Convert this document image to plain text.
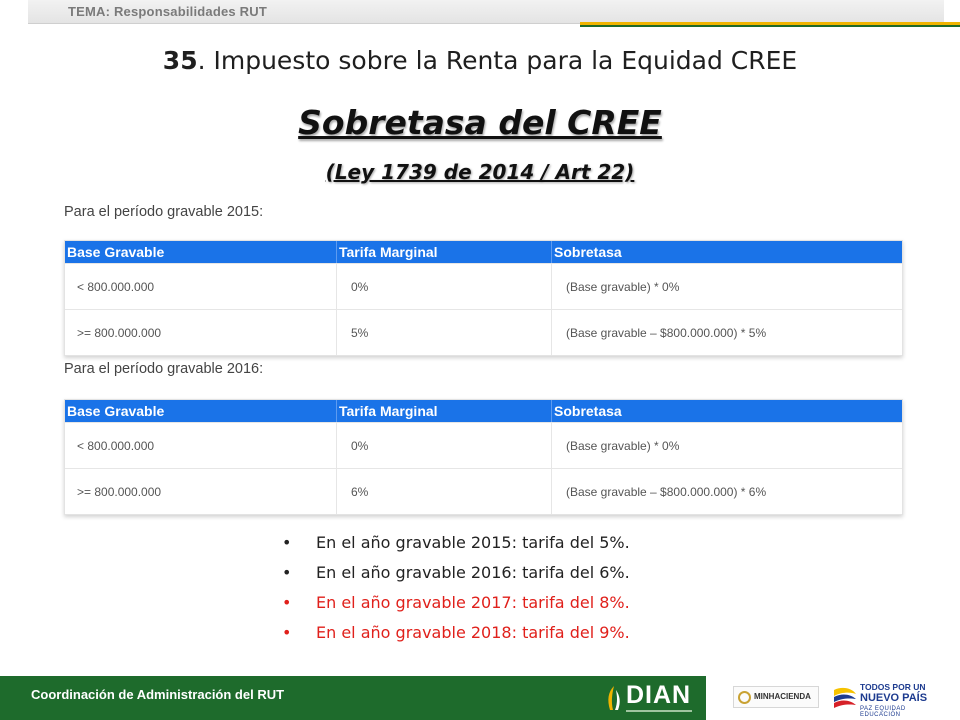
TEMA: Responsabilidades RUT
35. Impuesto sobre la Renta para la Equidad CREE
Sobretasa del CREE
(Ley 1739 de 2014 / Art 22)
Para el período gravable 2015:
Base Gravable	Tarifa Marginal	Sobretasa
< 800.000.000	0%	(Base gravable) * 0%
>= 800.000.000	5%	(Base gravable – $800.000.000) * 5%
Para el período gravable 2016:
Base Gravable	Tarifa Marginal	Sobretasa
< 800.000.000	0%	(Base gravable) * 0%
>= 800.000.000	6%	(Base gravable – $800.000.000) * 6%
• En el año gravable 2015: tarifa del 5%.
• En el año gravable 2016: tarifa del 6%.
• En el año gravable 2017: tarifa del 8%.
• En el año gravable 2018: tarifa del 9%.
Coordinación de Administración del RUT	DIAN	MINHACIENDA
TODOS POR UN
NUEVO PAÍS
PAZ EQUIDAD EDUCACIÓN
